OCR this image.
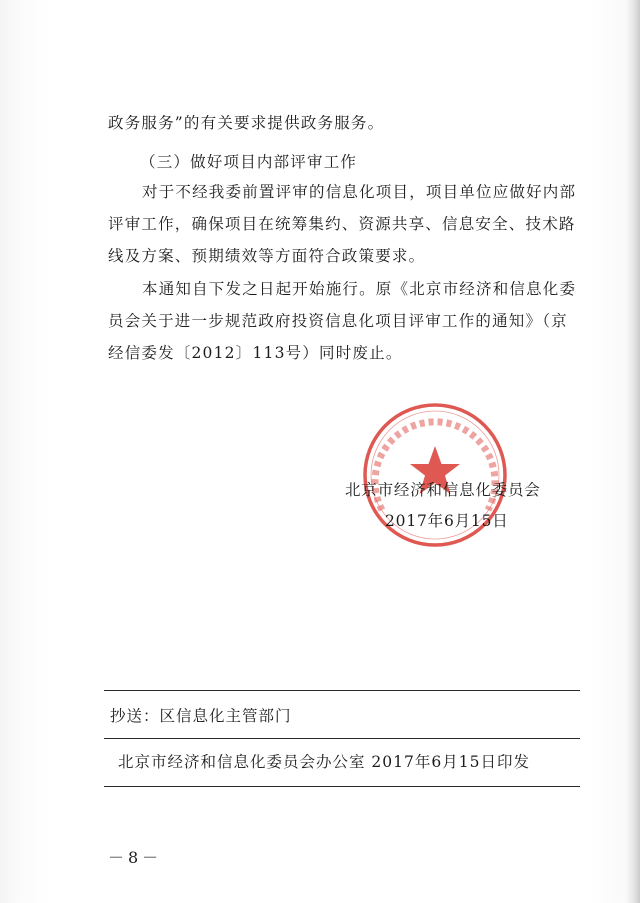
政务服务”的有关要求提供政务服务。
（三）做好项目内部评审工作
对于不经我委前置评审的信息化项目，项目单位应做好内部
评审工作，确保项目在统筹集约、资源共享、信息安全、技术路
线及方案、预期绩效等方面符合政策要求。
本通知自下发之日起开始施行。原《北京市经济和信息化委
员会关于进一步规范政府投资信息化项目评审工作的通知》（京
经信委发〔2012〕113号）同时废止。
北京市经济和信息化委员会
2017年6月15日
抄送：区信息化主管部门
北京市经济和信息化委员会办公室 2017年6月15日印发
－8－
